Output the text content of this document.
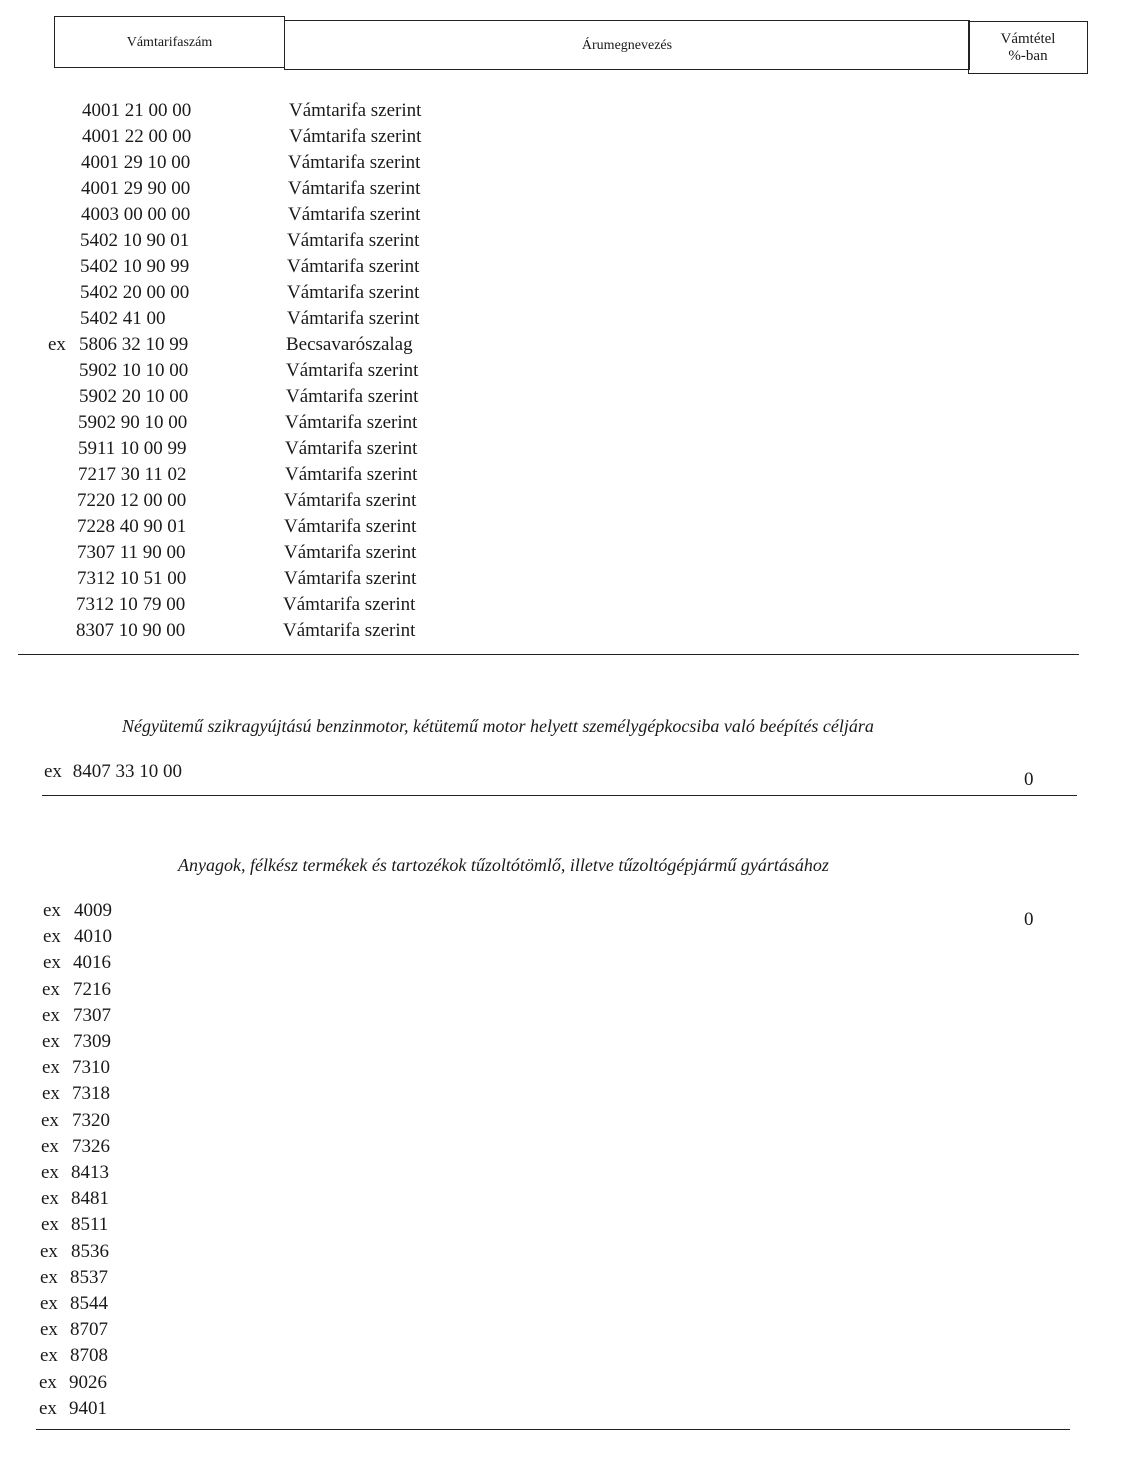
Vámtarifaszám	Árumegnevezés	Vámtétel
%-ban
4001 21 00 00	Vámtarifa szerint
4001 22 00 00	Vámtarifa szerint
4001 29 10 00	Vámtarifa szerint
4001 29 90 00	Vámtarifa szerint
4003 00 00 00	Vámtarifa szerint
5402 10 90 01	Vámtarifa szerint
5402 10 90 99	Vámtarifa szerint
5402 20 00 00	Vámtarifa szerint
5402 41 00	Vámtarifa szerint
ex 5806 32 10 99	Becsavarószalag
5902 10 10 00	Vámtarifa szerint
5902 20 10 00	Vámtarifa szerint
5902 90 10 00	Vámtarifa szerint
5911 10 00 99	Vámtarifa szerint
7217 30 11 02	Vámtarifa szerint
7220 12 00 00	Vámtarifa szerint
7228 40 90 01	Vámtarifa szerint
7307 11 90 00	Vámtarifa szerint
7312 10 51 00	Vámtarifa szerint
7312 10 79 00	Vámtarifa szerint
8307 10 90 00	Vámtarifa szerint
Négyütemű szikragyújtású benzinmotor, kétütemű motor helyett személygépkocsiba való beépítés céljára
ex 8407 33 10 00	0
Anyagok, félkész termékek és tartozékok tűzoltótömlő, illetve tűzoltógépjármű gyártásához
0
ex 4009
ex 4010
ex 4016
ex 7216
ex 7307
ex 7309
ex 7310
ex 7318
ex 7320
ex 7326
ex 8413
ex 8481
ex 8511
ex 8536
ex 8537
ex 8544
ex 8707
ex 8708
ex 9026
ex 9401
